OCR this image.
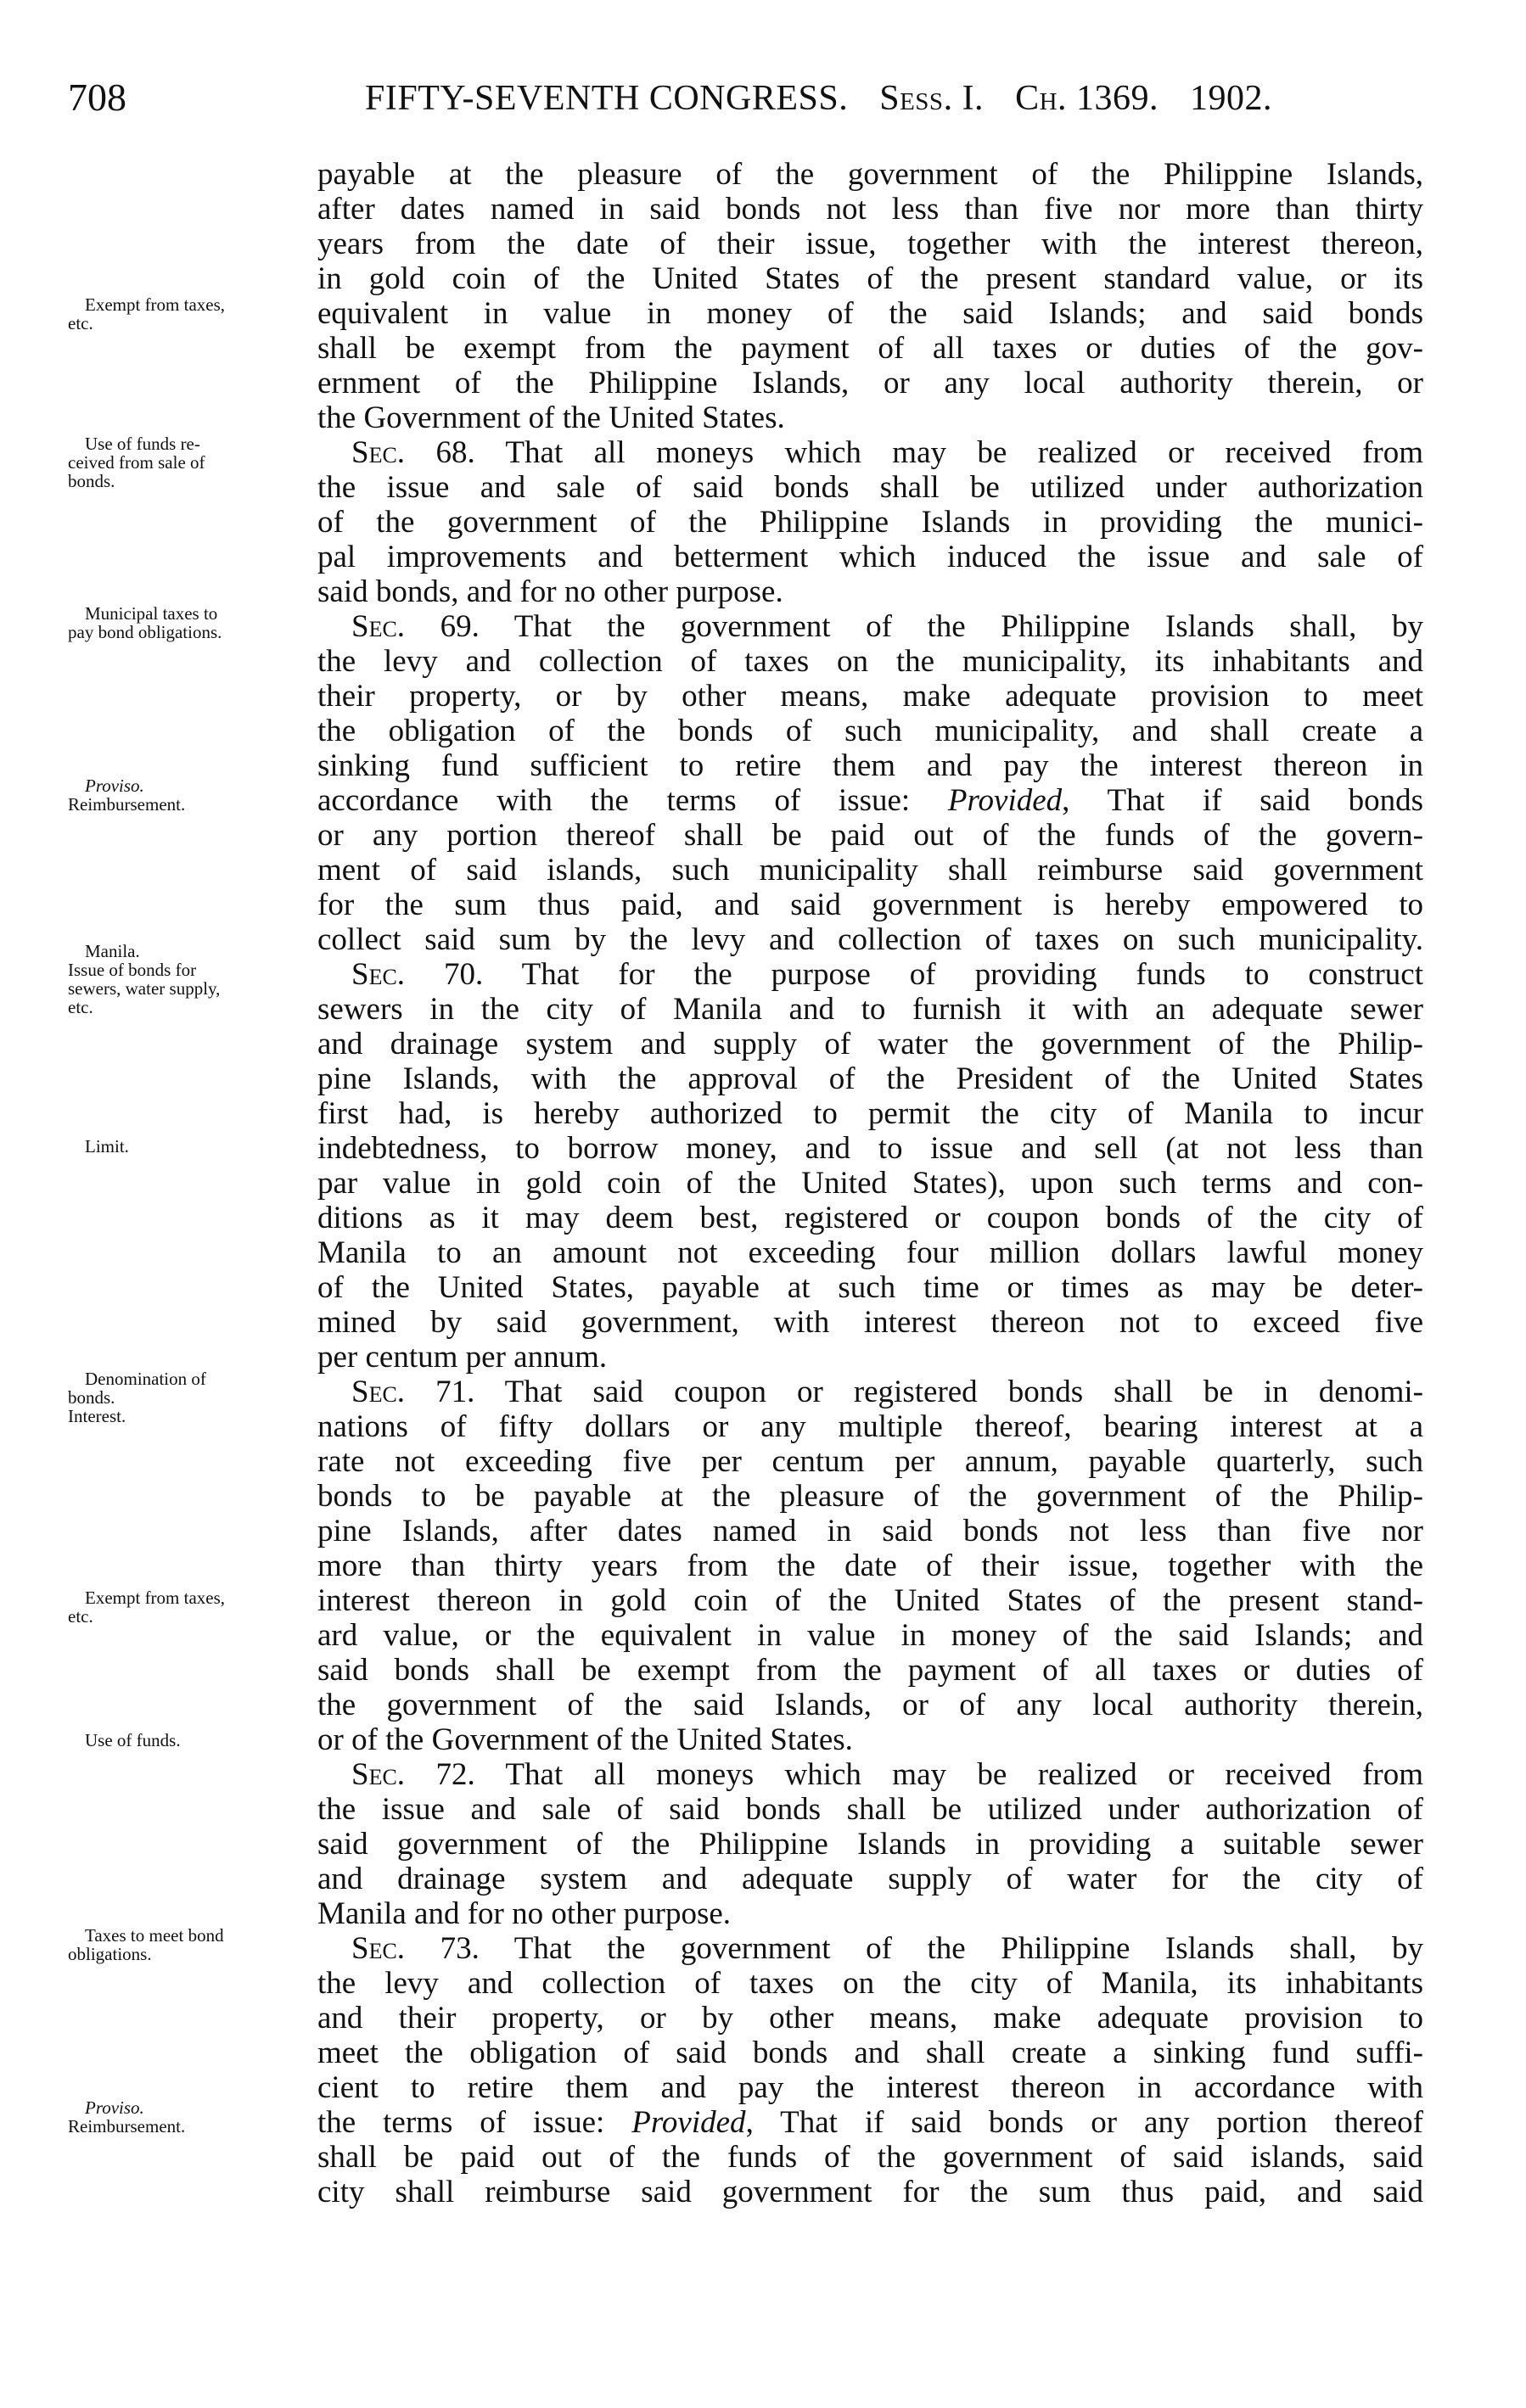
708	FIFTY-SEVENTH CONGRESS. Sess. I. Ch. 1369. 1902.
Exempt from taxes,
etc.
Use of funds re-
ceived from sale of
bonds.
Municipal taxes to
pay bond obligations.
Proviso.
Reimbursement.
Manila.
Issue of bonds for
sewers, water supply,
etc.
Limit.
Denomination of
bonds.
Interest.
Exempt from taxes,
etc.
Use of funds.
Taxes to meet bond
obligations.
Proviso.
Reimbursement.
payable at the pleasure of the government of the Philippine Islands,
after dates named in said bonds not less than five nor more than thirty
years from the date of their issue, together with the interest thereon,
in gold coin of the United States of the present standard value, or its
equivalent in value in money of the said Islands; and said bonds
shall be exempt from the payment of all taxes or duties of the gov-
ernment of the Philippine Islands, or any local authority therein, or
the Government of the United States.
Sec. 68. That all moneys which may be realized or received from
the issue and sale of said bonds shall be utilized under authorization
of the government of the Philippine Islands in providing the munici-
pal improvements and betterment which induced the issue and sale of
said bonds, and for no other purpose.
Sec. 69. That the government of the Philippine Islands shall, by
the levy and collection of taxes on the municipality, its inhabitants and
their property, or by other means, make adequate provision to meet
the obligation of the bonds of such municipality, and shall create a
sinking fund sufficient to retire them and pay the interest thereon in
accordance with the terms of issue: Provided, That if said bonds
or any portion thereof shall be paid out of the funds of the govern-
ment of said islands, such municipality shall reimburse said government
for the sum thus paid, and said government is hereby empowered to
collect said sum by the levy and collection of taxes on such municipality.
Sec. 70. That for the purpose of providing funds to construct
sewers in the city of Manila and to furnish it with an adequate sewer
and drainage system and supply of water the government of the Philip-
pine Islands, with the approval of the President of the United States
first had, is hereby authorized to permit the city of Manila to incur
indebtedness, to borrow money, and to issue and sell (at not less than
par value in gold coin of the United States), upon such terms and con-
ditions as it may deem best, registered or coupon bonds of the city of
Manila to an amount not exceeding four million dollars lawful money
of the United States, payable at such time or times as may be deter-
mined by said government, with interest thereon not to exceed five
per centum per annum.
Sec. 71. That said coupon or registered bonds shall be in denomi-
nations of fifty dollars or any multiple thereof, bearing interest at a
rate not exceeding five per centum per annum, payable quarterly, such
bonds to be payable at the pleasure of the government of the Philip-
pine Islands, after dates named in said bonds not less than five nor
more than thirty years from the date of their issue, together with the
interest thereon in gold coin of the United States of the present stand-
ard value, or the equivalent in value in money of the said Islands; and
said bonds shall be exempt from the payment of all taxes or duties of
the government of the said Islands, or of any local authority therein,
or of the Government of the United States.
Sec. 72. That all moneys which may be realized or received from
the issue and sale of said bonds shall be utilized under authorization of
said government of the Philippine Islands in providing a suitable sewer
and drainage system and adequate supply of water for the city of
Manila and for no other purpose.
Sec. 73. That the government of the Philippine Islands shall, by
the levy and collection of taxes on the city of Manila, its inhabitants
and their property, or by other means, make adequate provision to
meet the obligation of said bonds and shall create a sinking fund suffi-
cient to retire them and pay the interest thereon in accordance with
the terms of issue: Provided, That if said bonds or any portion thereof
shall be paid out of the funds of the government of said islands, said
city shall reimburse said government for the sum thus paid, and said
